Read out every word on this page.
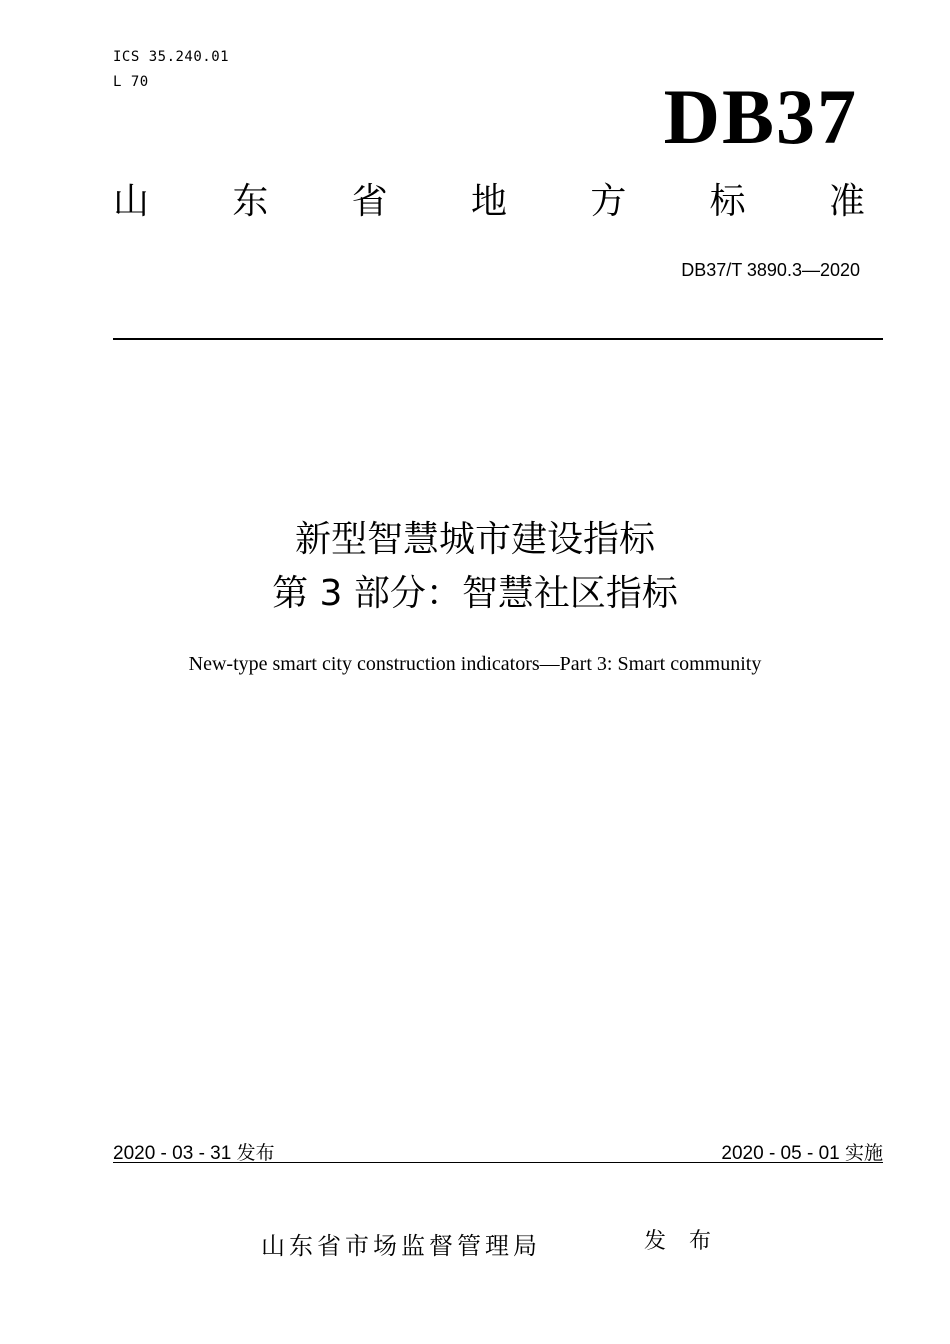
ICS 35.240.01
L 70	DB37
山 东 省 地 方 标 准
DB37/T 3890.3—2020
新型智慧城市建设指标
第 3 部分：智慧社区指标
New-type smart city construction indicators—Part 3: Smart community
2020 - 03 - 31 发布	2020 - 05 - 01 实施
山东省市场监督管理局	发 布
